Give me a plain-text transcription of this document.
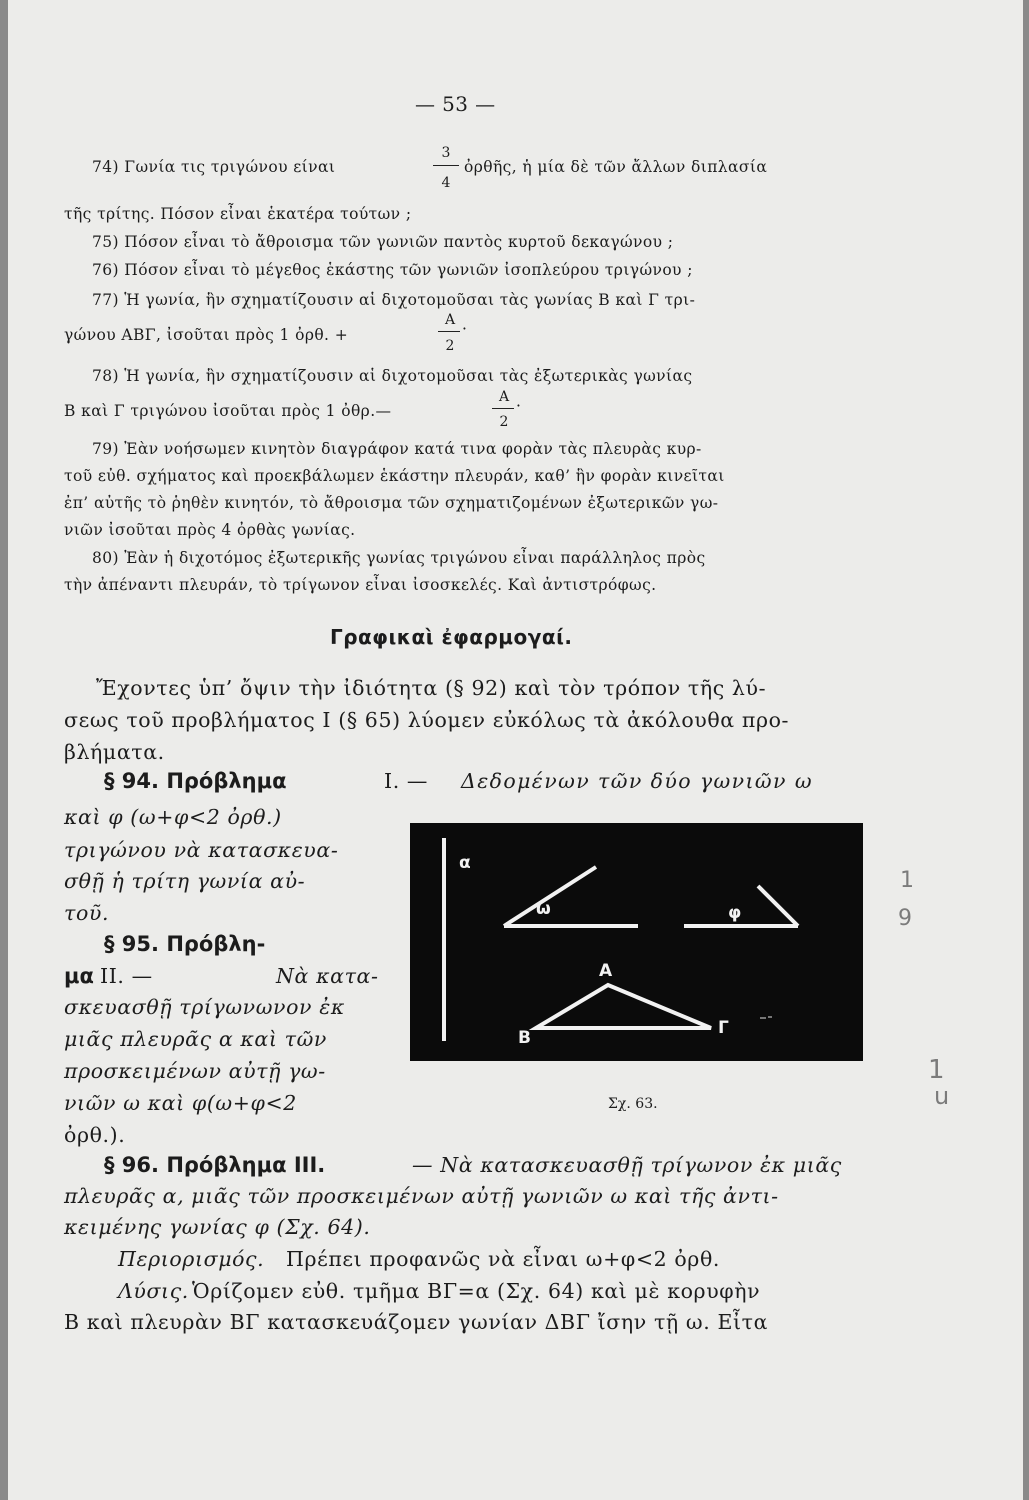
— 53 —
74) Γωνία τις τριγώνου είναι
3
4
ὀρθῆς, ἡ μία δὲ τῶν ἄλλων διπλασία
τῆς τρίτης. Πόσον εἶναι ἑκατέρα τούτων ;
75) Πόσον εἶναι τὸ ἄθροισμα τῶν γωνιῶν παντὸς κυρτοῦ δεκαγώνου ;
76) Πόσον εἶναι τὸ μέγεθος ἑκάστης τῶν γωνιῶν ἰσοπλεύρου τριγώνου ;
77) Ἡ γωνία, ἣν σχηματίζουσιν αἱ διχοτομοῦσαι τὰς γωνίας Β καὶ Γ τρι-
γώνου ΑΒΓ, ἰσοῦται πρὸς 1 ὀρθ. +
Α
2
·
78) Ἡ γωνία, ἣν σχηματίζουσιν αἱ διχοτομοῦσαι τὰς ἐξωτερικὰς γωνίας
Β καὶ Γ τριγώνου ἰσοῦται πρὸς 1 ὀθρ.—
Α
2
·
79) Ἐὰν νοήσωμεν κινητὸν διαγράφον κατά τινα φορὰν τὰς πλευρὰς κυρ-
τοῦ εὐθ. σχήματος καὶ προεκβάλωμεν ἑκάστην πλευράν, καθ’ ἣν φορὰν κινεῖται
ἐπ’ αὐτῆς τὸ ῥηθὲν κινητόν, τὸ ἄθροισμα τῶν σχηματιζομένων ἐξωτερικῶν γω-
νιῶν ἰσοῦται πρὸς 4 ὀρθὰς γωνίας.
80) Ἐὰν ἡ διχοτόμος ἐξωτερικῆς γωνίας τριγώνου εἶναι παράλληλος πρὸς
τὴν ἀπέναντι πλευράν, τὸ τρίγωνον εἶναι ἰσοσκελές. Καὶ ἀντιστρόφως.
Γραφικαὶ ἐφαρμογαί.
Ἔχοντες ὑπ’ ὄψιν τὴν ἰδιότητα (§ 92) καὶ τὸν τρόπον τῆς λύ-
σεως τοῦ προβλήματος I (§ 65) λύομεν εὐκόλως τὰ ἀκόλουθα προ-
βλήματα.
§ 94. Πρόβλημα	I. — Δεδομένων τῶν δύο γωνιῶν ω
καὶ φ (ω+φ<2 ὀρθ.)
τριγώνου νὰ κατασκευα-
σθῇ ἡ τρίτη γωνία αὐ-
τοῦ.
§ 95. Πρόβλη-
μα II. —	Νὰ κατα-
σκευασθῇ τρίγωνωνον ἐκ
μιᾶς πλευρᾶς α καὶ τῶν
προσκειμένων αὐτῇ γω-
νιῶν ω καὶ φ(ω+φ<2
ὀρθ.).
α
ω	φ
Α
Β	Γ
Σχ. 63.
§ 96. Πρόβλημα III.	— Νὰ κατασκευασθῇ τρίγωνον ἐκ μιᾶς
πλευρᾶς α, μιᾶς τῶν προσκειμένων αὐτῇ γωνιῶν ω καὶ τῆς ἀντι-
κειμένης γωνίας φ (Σχ. 64).
Περιορισμός. Πρέπει προφανῶς νὰ εἶναι ω+φ<2 ὀρθ.
Λύσις. Ὁρίζομεν εὐθ. τμῆμα ΒΓ=α (Σχ. 64) καὶ μὲ κορυφὴν
Β καὶ πλευρὰν ΒΓ κατασκευάζομεν γωνίαν ΔΒΓ ἴσην τῇ ω. Εἶτα
1
9
1
u
